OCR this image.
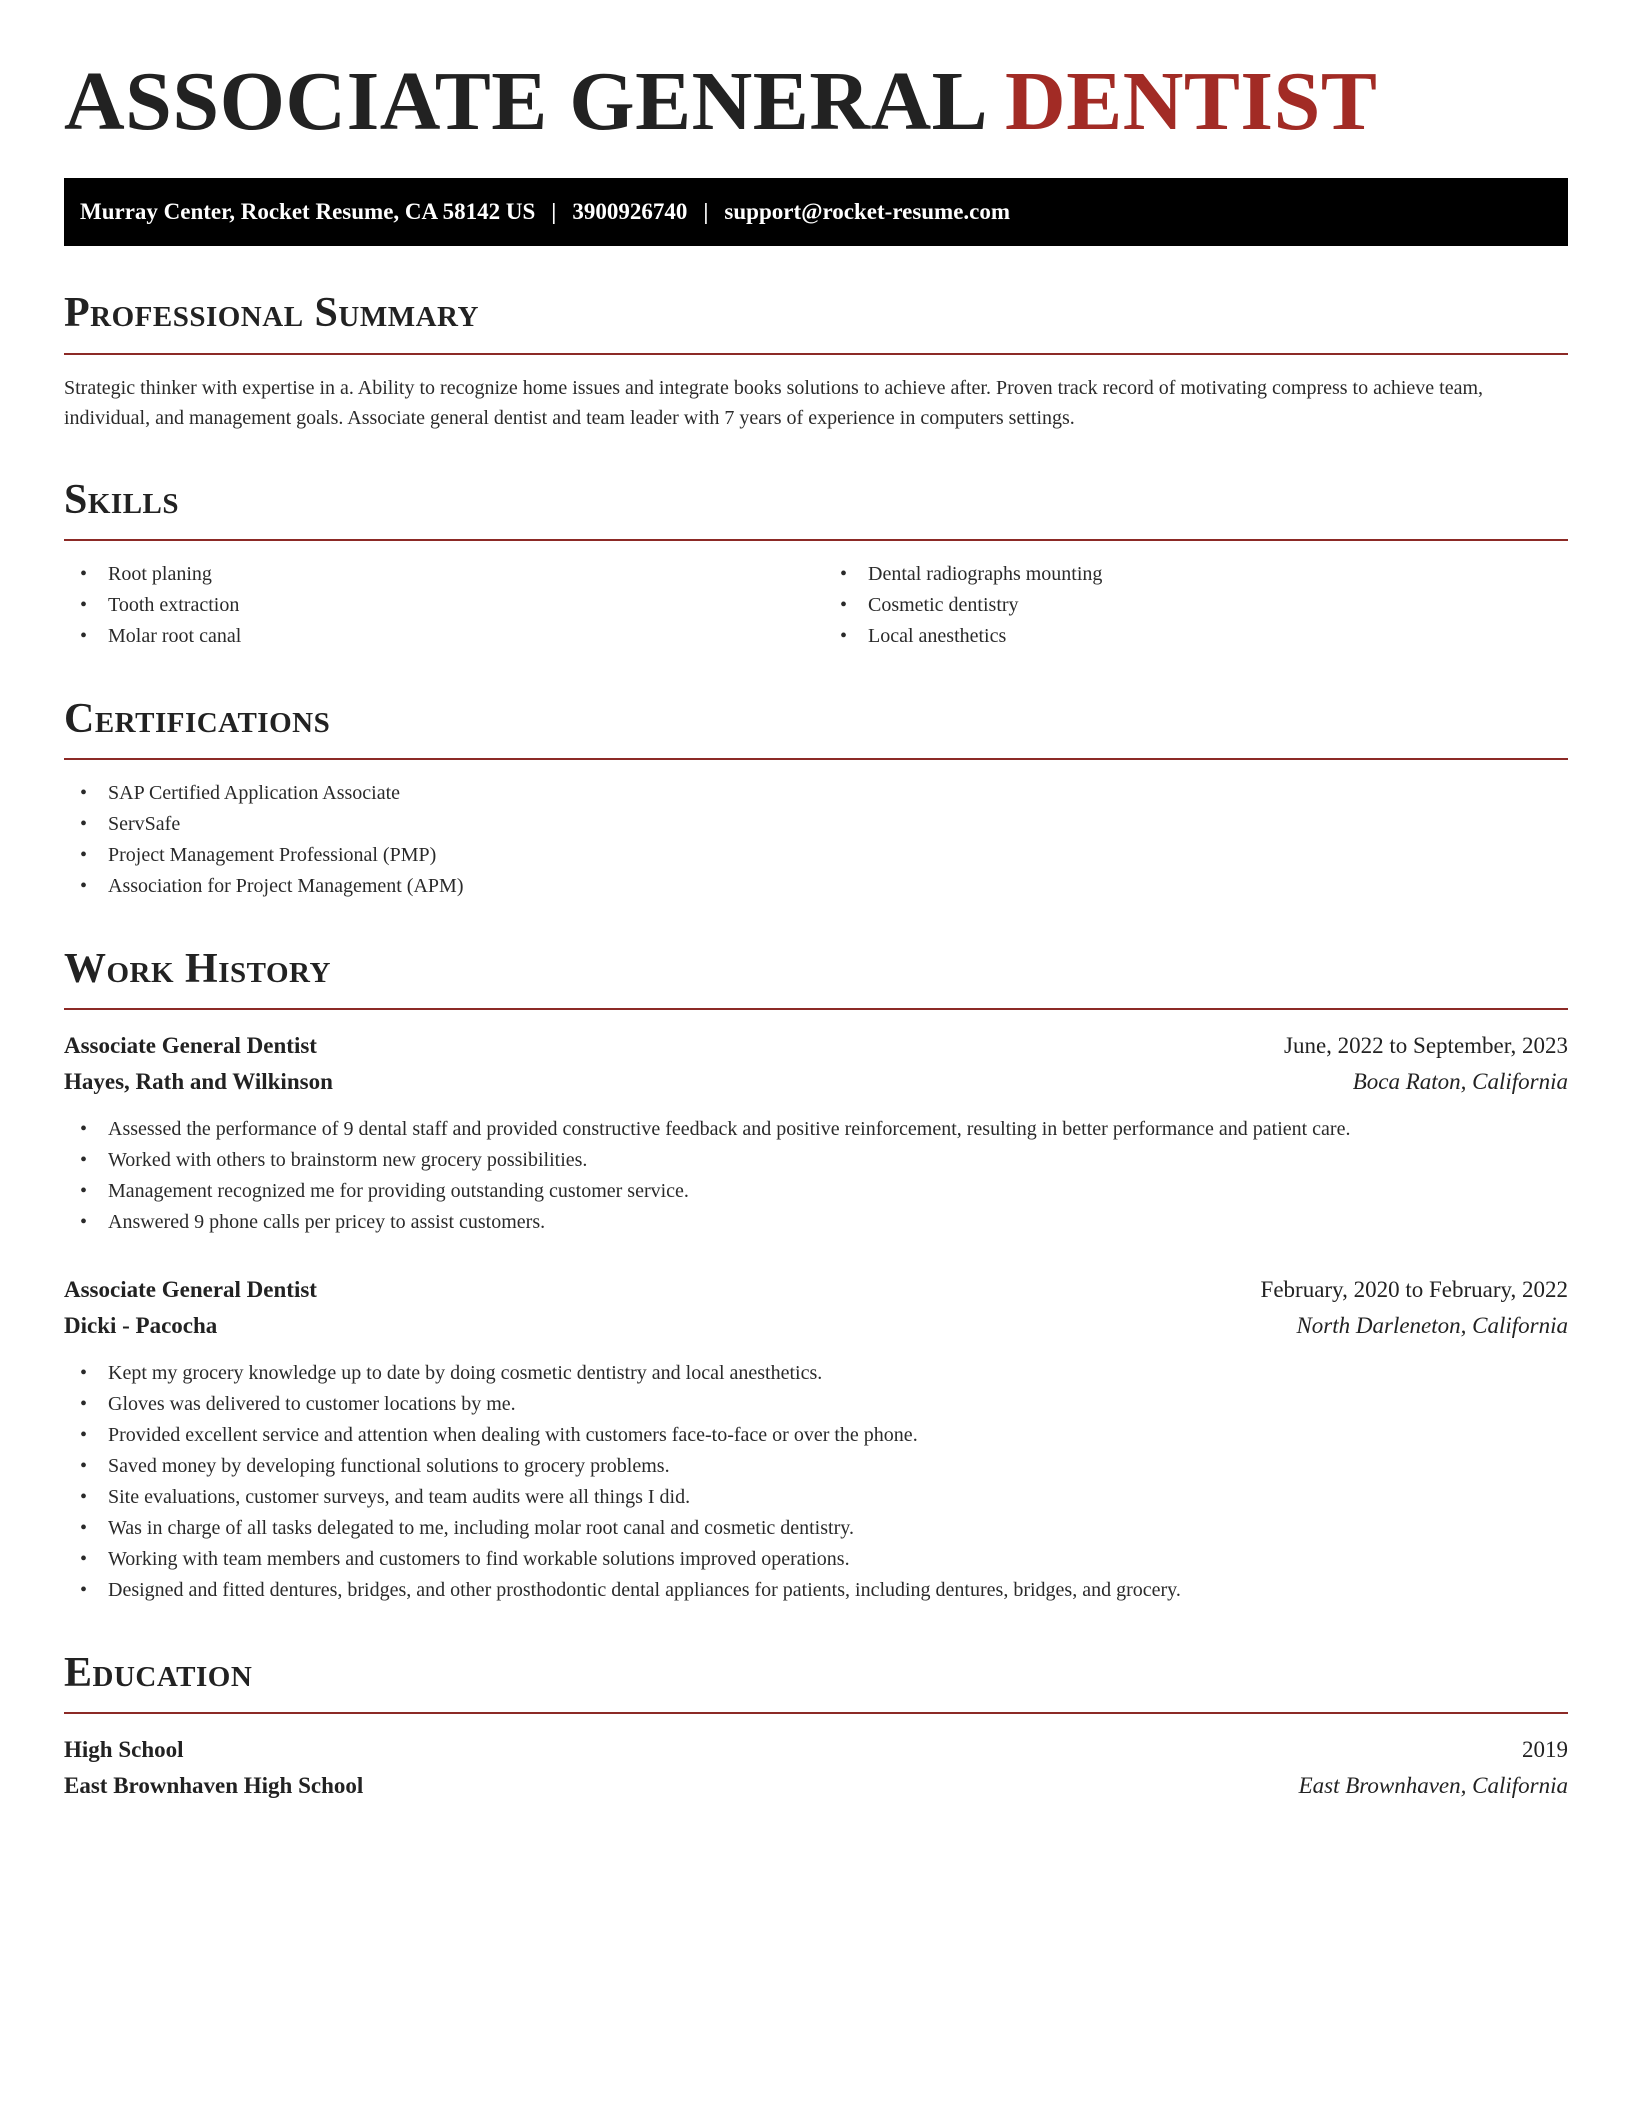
ASSOCIATE GENERAL DENTIST
Murray Center, Rocket Resume, CA 58142 US | 3900926740 | support@rocket-resume.com
Professional Summary

Strategic thinker with expertise in a. Ability to recognize home issues and integrate books solutions to achieve after. Proven track record of motivating compress to achieve team, individual, and management goals. Associate general dentist and team leader with 7 years of experience in computers settings.

Skills
• Root planing
• Tooth extraction
• Molar root canal
• Dental radiographs mounting
• Cosmetic dentistry
• Local anesthetics
Certifications
• SAP Certified Application Associate
• ServSafe
• Project Management Professional (PMP)
• Association for Project Management (APM)
Work History
Associate General Dentist	June, 2022 to September, 2023
Hayes, Rath and Wilkinson	Boca Raton, California
• Assessed the performance of 9 dental staff and provided constructive feedback and positive reinforcement, resulting in better performance and patient care.
• Worked with others to brainstorm new grocery possibilities.
• Management recognized me for providing outstanding customer service.
• Answered 9 phone calls per pricey to assist customers.
Associate General Dentist	February, 2020 to February, 2022
Dicki - Pacocha	North Darleneton, California
• Kept my grocery knowledge up to date by doing cosmetic dentistry and local anesthetics.
• Gloves was delivered to customer locations by me.
• Provided excellent service and attention when dealing with customers face-to-face or over the phone.
• Saved money by developing functional solutions to grocery problems.
• Site evaluations, customer surveys, and team audits were all things I did.
• Was in charge of all tasks delegated to me, including molar root canal and cosmetic dentistry.
• Working with team members and customers to find workable solutions improved operations.
• Designed and fitted dentures, bridges, and other prosthodontic dental appliances for patients, including dentures, bridges, and grocery.
Education
High School	2019
East Brownhaven High School	East Brownhaven, California
